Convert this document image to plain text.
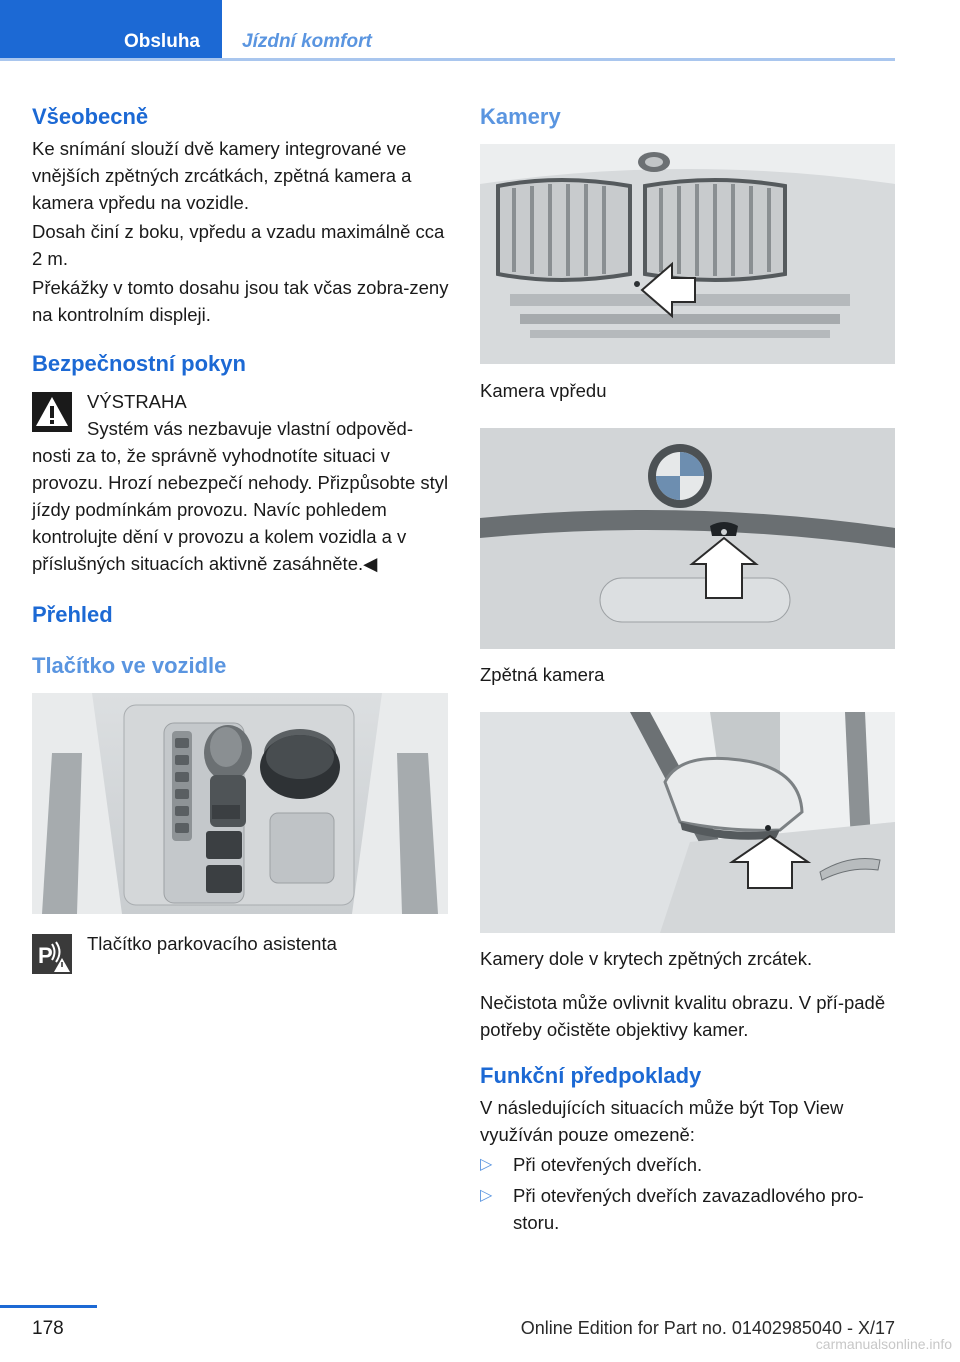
Obsluha Jízdní komfort
Všeobecně
Ke snímání slouží dvě kamery integrované ve vnějších zpětných zrcátkách, zpětná kamera a kamera vpředu na vozidle.
Dosah činí z boku, vpředu a vzadu maximálně cca 2 m.
Překážky v tomto dosahu jsou tak včas zobra‐zeny na kontrolním displeji.
Bezpečnostní pokyn
VÝSTRAHA
Systém vás nezbavuje vlastní odpověd‐
nosti za to, že správně vyhodnotíte situaci v provozu. Hrozí nebezpečí nehody. Přizpůsobte styl jízdy podmínkám provozu. Navíc pohledem kontrolujte dění v provozu a kolem vozidla a v příslušných situacích aktivně zasáhněte.◀
Přehled
Tlačítko ve vozidle
P Tlačítko parkovacího asistenta
Kamery
Kamera vpředu
Zpětná kamera
Kamery dole v krytech zpětných zrcátek.
Nečistota může ovlivnit kvalitu obrazu. V pří‐padě potřeby očistěte objektivy kamer.
Funkční předpoklady
V následujících situacích může být Top View využíván pouze omezeně:
▷ Při otevřených dveřích.
▷ Při otevřených dveřích zavazadlového pro‐storu.
178	Online Edition for Part no. 01402985040 - X/17
carmanualsonline.info
